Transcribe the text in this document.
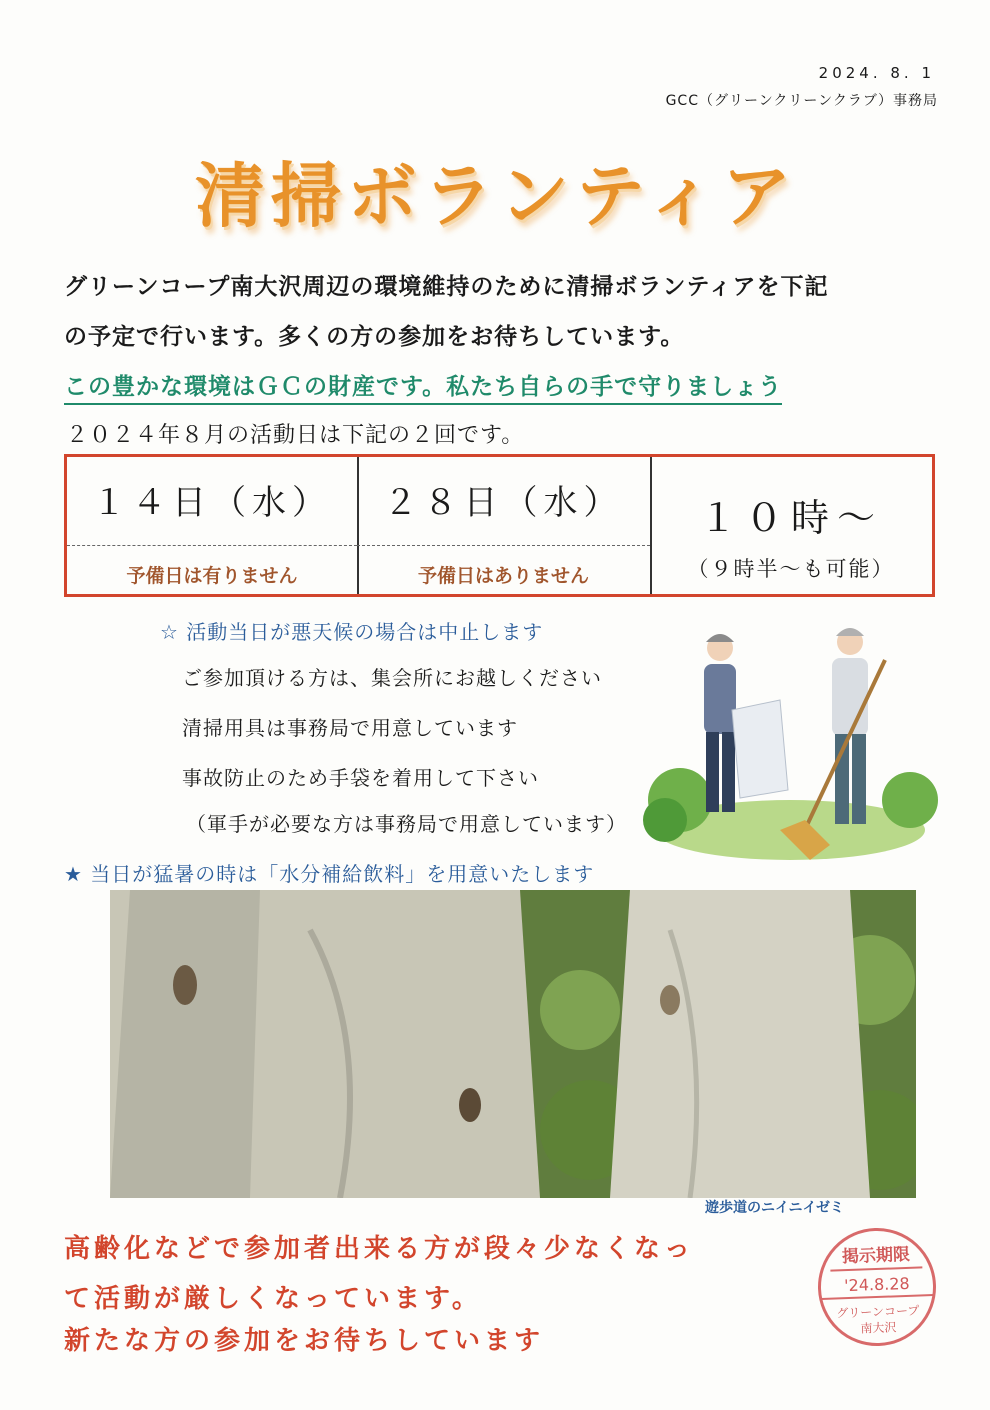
2024. 8. 1
GCC（グリーンクリーンクラブ）事務局
清掃ボランティア
グリーンコープ南大沢周辺の環境維持のために清掃ボランティアを下記
の予定で行います。多くの方の参加をお待ちしています。
この豊かな環境はＧＣの財産です。私たち自らの手で守りましょう
２０２４年８月の活動日は下記の２回です。
１４日（水）
予備日は有りません
２８日（水）
予備日はありません
１０時～
（９時半～も可能）
☆ 活動当日が悪天候の場合は中止します
ご参加頂ける方は、集会所にお越しください
清掃用具は事務局で用意しています
事故防止のため手袋を着用して下さい
（軍手が必要な方は事務局で用意しています）
★ 当日が猛暑の時は「水分補給飲料」を用意いたします
遊歩道のニイニイゼミ
高齢化などで参加者出来る方が段々少なくなっ
て活動が厳しくなっています。
新たな方の参加をお待ちしています
掲示期限
'24.8.28
グリーンコープ
南大沢
